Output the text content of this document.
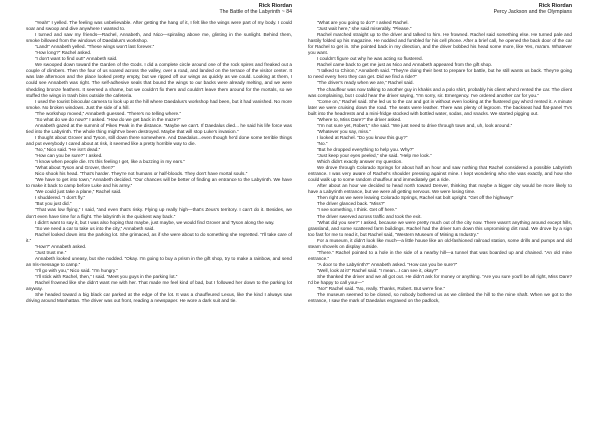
Rick Riordan
The Battle of the Labyrinth ~ 84

“Yeah!” I yelled. The feeling was unbelievable. After getting the hang of it, I felt like the wings were part of my body. I could soar and swoop and dive anywhere I wanted to.

I turned and saw my friends—Rachel, Annabeth, and Nico—spiraling above me, glinting in the sunlight. Behind them, smoke billowed from the windows of Daedalus's workshop.

“Land!” Annabeth yelled. “These wings won't last forever.”

“How long?” Rachel asked.

“I don't want to find out!” Annabeth said.

We swooped down toward the Garden of the Gods. I did a complete circle around one of the rock spires and freaked out a couple of climbers. Then the four of us soared across the valley, over a road, and landed on the terrace of the visitor center. It was late afternoon and the place looked pretty empty, but we ripped off our wings as quickly as we could. Looking at them, I could see Annabeth was right. The self-adhesive seals that bound the wings to our backs were already melting, and we were shedding bronze feathers. It seemed a shame, but we couldn't fix them and couldn't leave them around for the mortals, so we stuffed the wings in trash bins outside the cafeteria.

I used the tourist binocular camera to look up at the hill where Daedalus's workshop had been, but it had vanished. No more smoke. No broken windows. Just the side of a hill.

“The workshop moved,” Annabeth guessed. “There's no telling where.”

“So what do we do now?” I asked. “How do we get back in the maze?”

Annabeth gazed at the summit of Pikes Peak in the distance. “Maybe we can't. If Daedalus died... he said his life force was tied into the Labyrinth. The whole thing might've been destroyed. Maybe that will stop Luke's invasion.”

I thought about Grover and Tyson, still down there somewhere. And Daedalus...even though he'd done some terrible things and put everybody I cared about at risk, it seemed like a pretty horrible way to die.

“No,” Nico said. “He isn't dead.”

“How can you be sure?” I asked.

“I know when people die. It's this feeling I get, like a buzzing in my ears.”

“What about Tyson and Grover, then?”

Nico shook his head. “That's harder. They're not humans or half-bloods. They don't have mortal souls.”

“We have to get into town,” Annabeth decided. “Our chances will be better of finding an entrance to the Labyrinth. We have to make it back to camp before Luke and his army.”

“We could just take a plane,” Rachel said.

I shuddered. “I don't fly.”

“But you just did.”

“That was low flying,” I said, “and even that's risky. Flying up really high—that's Zeus's territory. I can't do it. Besides, we don't even have time for a flight. The labyrinth is the quickest way back.”

I didn't want to say it, but I was also hoping that maybe, just maybe, we would find Grover and Tyson along the way.

“So we need a car to take us into the city,” Annabeth said.

Rachel looked down into the parking lot. She grimaced, as if she were about to do something she regretted. “I'll take care of it.”

“How?” Annabeth asked.

“Just trust me.”

Annabeth looked uneasy, but she nodded. “Okay. I'm going to buy a prism in the gift shop, try to make a rainbow, and send an Iris-message to camp.”

“I'll go with you,” Nico said. “I'm hungry.”

“I'll stick with Rachel, then,” I said. “Meet you guys in the parking lot.”

Rachel frowned like she didn't want me with her. That made me feel kind of bad, but I followed her down to the parking lot anyway.

She headed toward a big black car parked at the edge of the lot. It was a chauffeured Lexus, like the kind I always saw driving around Manhattan. The driver was out front, reading a newspaper. He wore a dark suit and tie.

Rick Riordan
Percy Jackson and the Olympians

“What are you going to do?” I asked Rachel.

“Just wait here,” she said miserably. “Please.”

Rachel marched straight up to the driver and talked to him. He frowned. Rachel said something else. He turned pale and hastily folded up his magazine. He nodded and fumbled for his cell phone. After a brief call, he opened the back door of the car for Rachel to get in. She pointed back in my direction, and the driver bobbed his head some more, like Yes, ma'am. Whatever you want.

I couldn't figure out why he was acting so flustered.

Rachel came back to get me just as Nico and Annabeth appeared from the gift shop.

“I talked to Chiron,” Annabeth said. “They're doing their best to prepare for battle, but he still wants us back. They're going to need every hero they can get. Did we find a ride?”

“The driver's ready when we are,” Rachel said.

The chauffeur was now talking to another guy in khakis and a polo shirt, probably his client who'd rented the car. The client was complaining, but I could hear the driver saying, “I'm sorry, sir. Emergency. I've ordered another car for you.”

“Come on,” Rachel said. She led us to the car and got in without even looking at the flustered guy who'd rented it. A minute later we were cruising down the road. The seats were leather. There was plenty of legroom. The backseat had flat-panel TVs built into the headrests and a mini-fridge stocked with bottled water, sodas, and snacks. We started pigging out.

“Where to, Miss Dare?” the driver asked.

“I'm not sure yet, Robert,” she said. “We just need to drive through town and, uh, look around.”

“Whatever you say, miss.”

I looked at Rachel. “Do you know this guy?”

“No.”

“But he dropped everything to help you. Why?”

“Just keep your eyes peeled,” she said. “Help me look.”

Which didn't exactly answer my question.

We drove through Colorado Springs for about half an hour and saw nothing that Rachel considered a possible Labyrinth entrance. I was very aware of Rachel's shoulder pressing against mine. I kept wondering who she was exactly, and how she could walk up to some random chauffeur and immediately get a ride.

After about an hour we decided to head north toward Denver, thinking that maybe a bigger city would be more likely to have a Labyrinth entrance, but we were all getting nervous. We were losing time.

Then right as we were leaving Colorado Springs, Rachel sat bolt upright. “Get off the highway!”

The driver glanced back. “Miss?”

“I see something, I think. Get off here.”

The driver swerved across traffic and took the exit.

“What did you see?” I asked, because we were pretty much out of the city now. There wasn't anything around except hills, grassland, and some scattered farm buildings. Rachel had the driver turn down this unpromising dirt road. We drove by a sign too fast for me to read it, but Rachel said, “Western Museum of Mining & Industry.”

For a museum, it didn't look like much—a little house like an old-fashioned railroad station, some drills and pumps and old steam shovels on display outside.

“There.” Rachel pointed to a hole in the side of a nearby hill—a tunnel that was boarded up and chained. “An old mine entrance.”

“A door to the Labyrinth?” Annabeth asked. “How can you be sure?”

“Well, look at it!” Rachel said. “I mean...I can see it, okay?”

She thanked the driver and we all got out. He didn't ask for money or anything. “Are you sure you'll be all right, Miss Dare? I'd be happy to call your—”

“No!” Rachel said. “No, really. Thanks, Robert. But we're fine.”

The museum seemed to be closed, so nobody bothered us as we climbed the hill to the mine shaft. When we got to the entrance, I saw the mark of Daedalus engraved on the padlock,
